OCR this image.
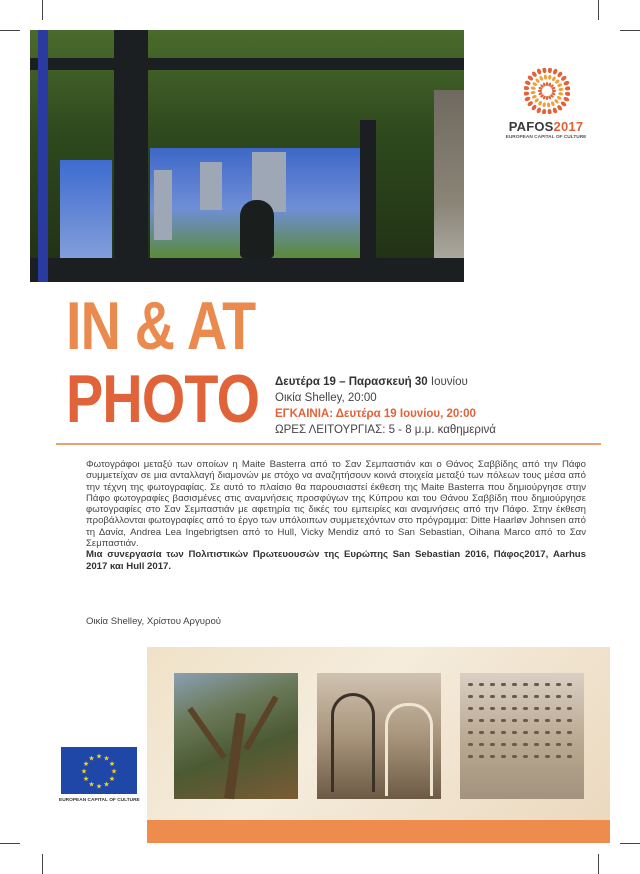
PAFOS2017
EUROPEAN CAPITAL OF CULTURE
IN & AT
PHOTO Δευτέρα 19 – Παρασκευή 30 Ιουνίου
Οικία Shelley, 20:00
ΕΓΚΑΙΝΙΑ: Δευτέρα 19 Ιουνίου, 20:00
ΩΡΕΣ ΛΕΙΤΟΥΡΓΙΑΣ: 5 - 8 μ.μ. καθημερινά

Φωτογράφοι μεταξύ των οποίων η Maite Basterra από το Σαν Σεμπαστιάν και ο Θάνος Σαββίδης από την Πάφο συμμετείχαν σε μια ανταλλαγή διαμονών με στόχο να αναζητήσουν κοινά στοιχεία μεταξύ των πόλεων τους μέσα από την τέχνη της φωτογραφίας. Σε αυτό το πλαίσιο θα παρουσιαστεί έκθεση της Maite Basterra που δημιούργησε στην Πάφο φωτογραφίες βασισμένες στις αναμνήσεις προσφύγων της Κύπρου και του Θάνου Σαββίδη που δημιούργησε φωτογραφίες στο Σαν Σεμπαστιάν με αφετηρία τις δικές του εμπειρίες και αναμνήσεις από την Πάφο. Στην έκθεση προβάλλονται φωτογραφίες από το έργο των υπόλοιπων συμμετεχόντων στο πρόγραμμα: Ditte Haarløv Johnsen από τη Δανία, Andrea Lea Ingebrigtsen από το Hull, Vicky Mendiz από το San Sebastian, Oihana Marco από το Σαν Σεμπαστιάν.

Μια συνεργασία των Πολιτιστικών Πρωτευουσών της Ευρώπης San Sebastian 2016, Πάφος2017, Aarhus 2017 και Hull 2017.

Οικία Shelley, Χρίστου Αργυρού
★
★
★
★
★
★
★
★
★ ★ ★
★
EUROPEAN CAPITAL OF CULTURE
